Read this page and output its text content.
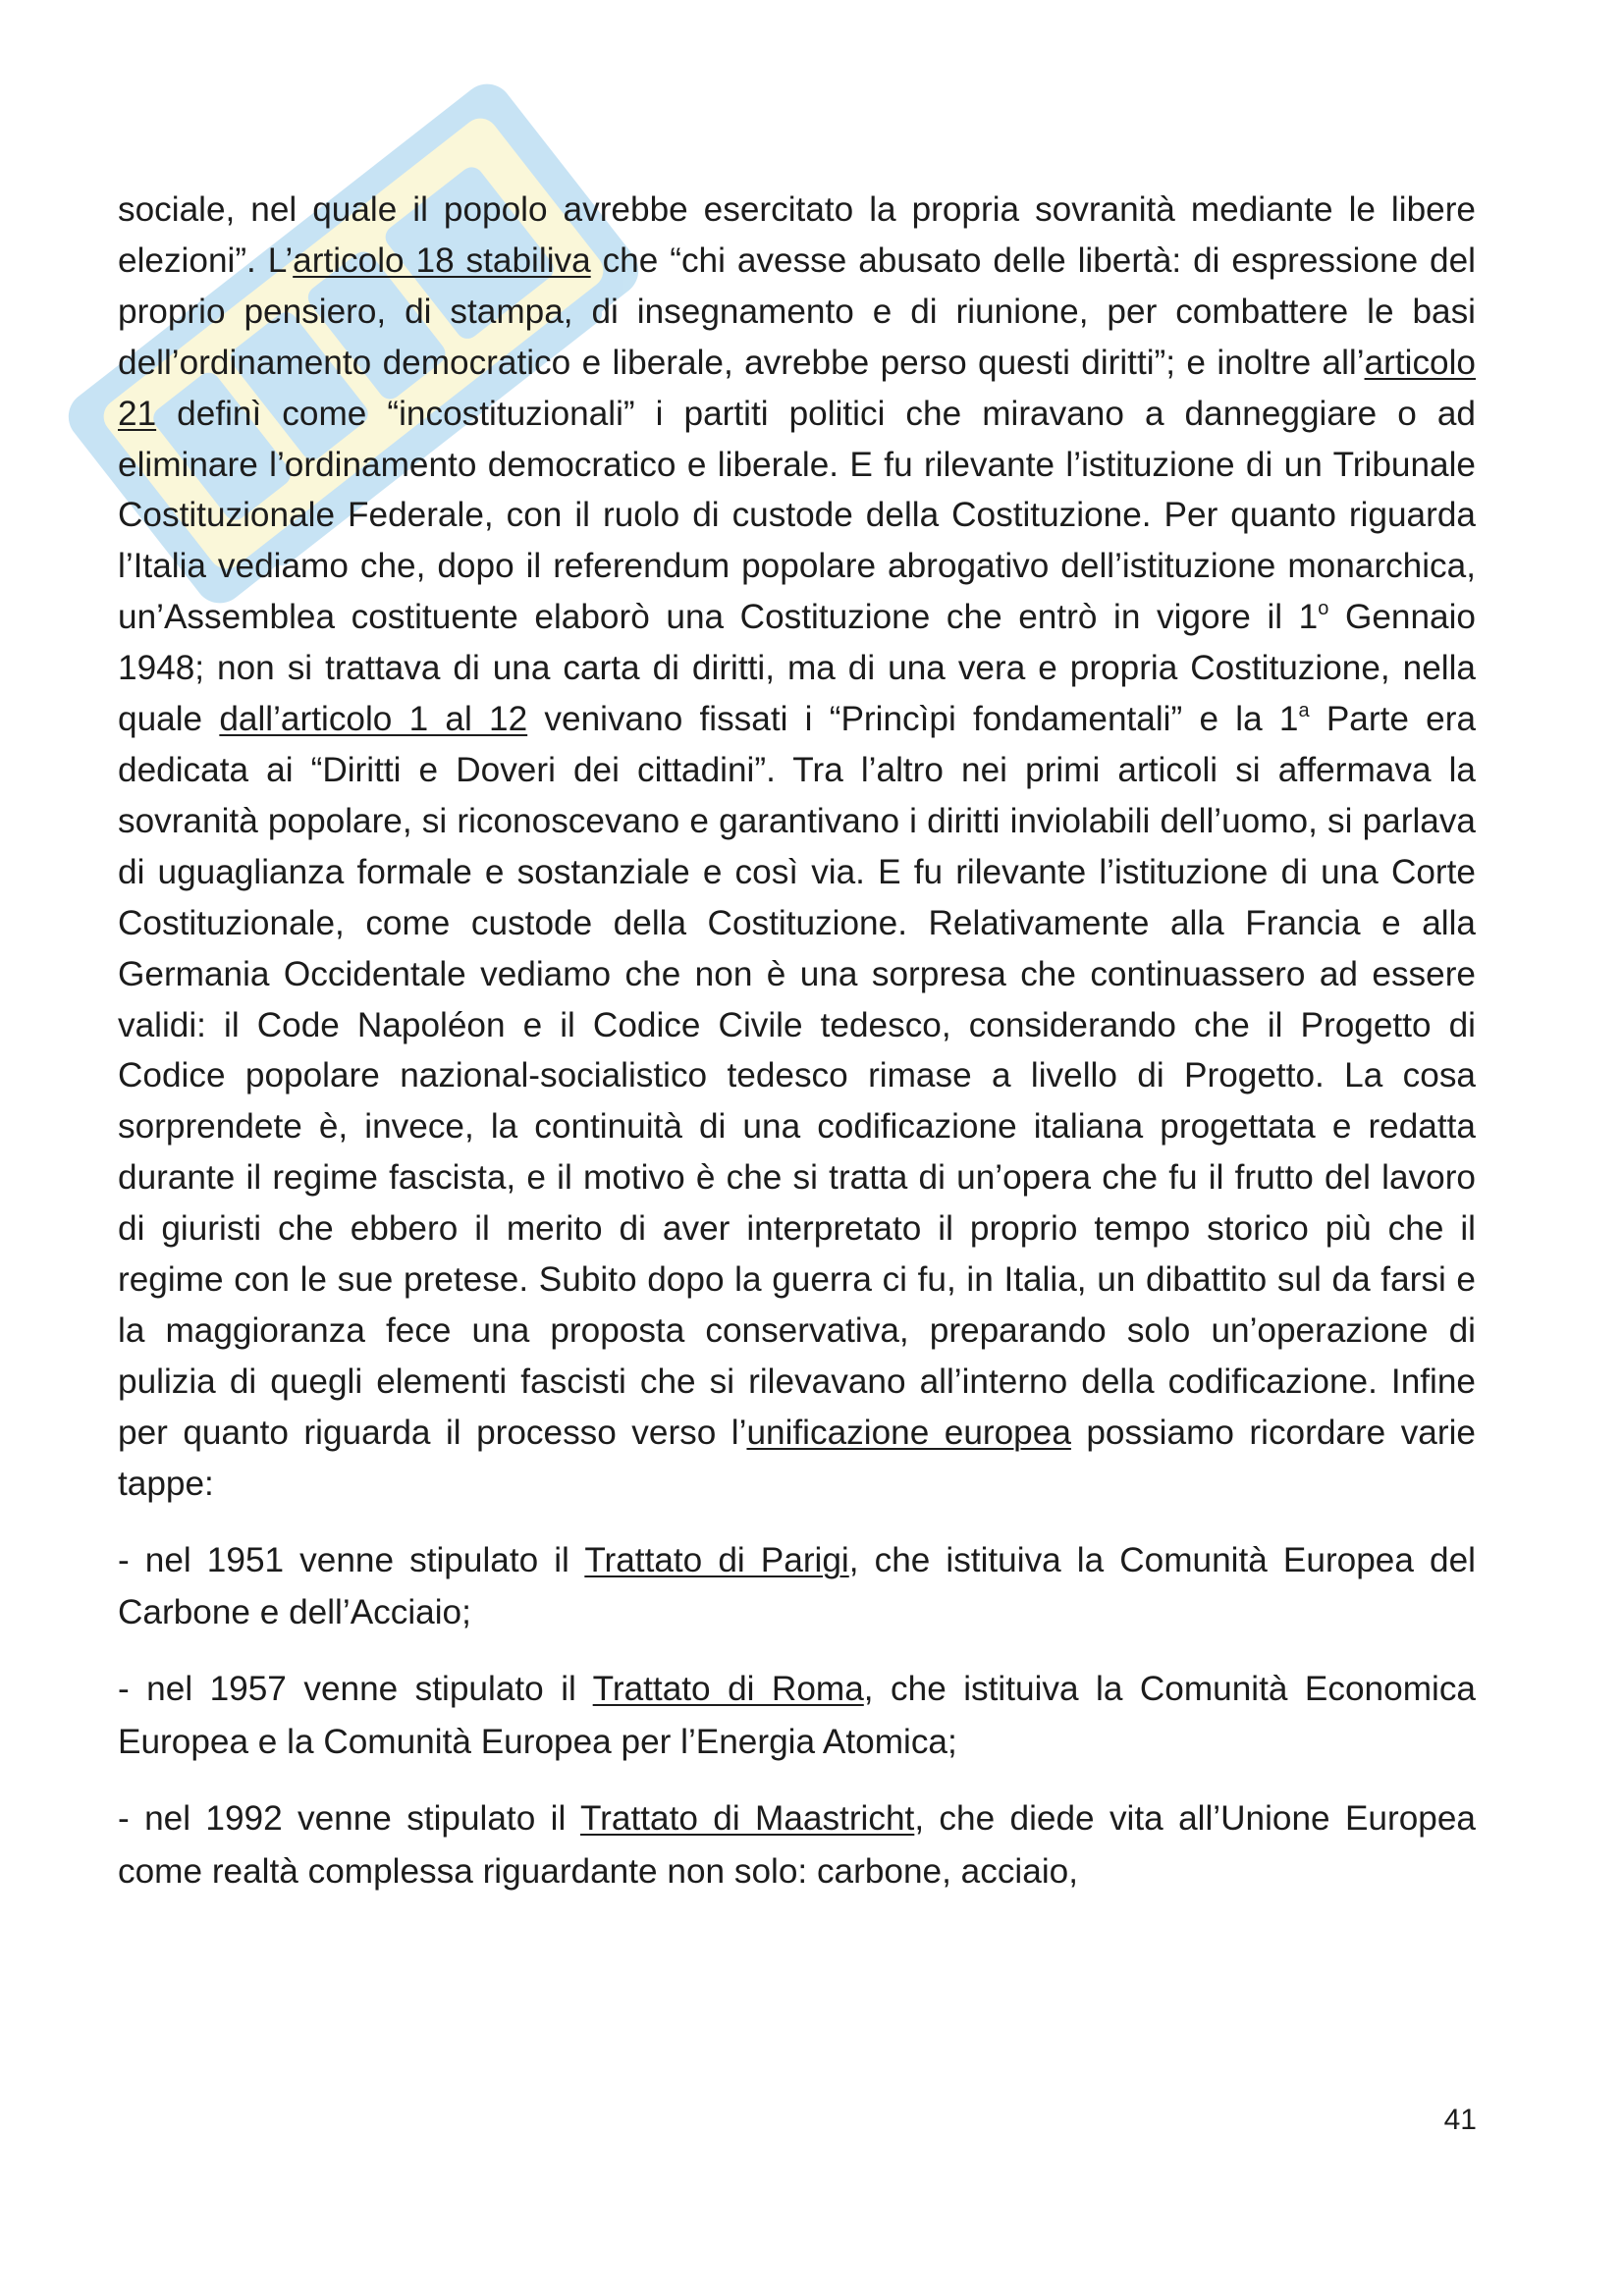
sociale, nel quale il popolo avrebbe esercitato la propria sovranità mediante le libere elezioni”. L’articolo 18 stabiliva che “chi avesse abusato delle libertà: di espressione del proprio pensiero, di stampa, di insegnamento e di riunione, per combattere le basi dell’ordinamento democratico e liberale, avrebbe perso questi diritti”; e inoltre all’articolo 21 definì come “incostituzionali” i partiti politici che miravano a danneggiare o ad eliminare l’ordinamento democratico e liberale. E fu rilevante l’istituzione di un Tribunale Costituzionale Federale, con il ruolo di custode della Costituzione. Per quanto riguarda l’Italia vediamo che, dopo il referendum popolare abrogativo dell’istituzione monarchica, un’Assemblea costituente elaborò una Costituzione che entrò in vigore il 1$^o$ Gennaio 1948; non si trattava di una carta di diritti, ma di una vera e propria Costituzione, nella quale dall’articolo 1 al 12 venivano fissati i “Princìpi fondamentali” e la 1$^a$ Parte era dedicata ai “Diritti e Doveri dei cittadini”. Tra l’altro nei primi articoli si affermava la sovranità popolare, si riconoscevano e garantivano i diritti inviolabili dell’uomo, si parlava di uguaglianza formale e sostanziale e così via. E fu rilevante l’istituzione di una Corte Costituzionale, come custode della Costituzione. Relativamente alla Francia e alla Germania Occidentale vediamo che non è una sorpresa che continuassero ad essere validi: il Code Napoléon e il Codice Civile tedesco, considerando che il Progetto di Codice popolare nazional-socialistico tedesco rimase a livello di Progetto. La cosa sorprendete è, invece, la continuità di una codificazione italiana progettata e redatta durante il regime fascista, e il motivo è che si tratta di un’opera che fu il frutto del lavoro di giuristi che ebbero il merito di aver interpretato il proprio tempo storico più che il regime con le sue pretese. Subito dopo la guerra ci fu, in Italia, un dibattito sul da farsi e la maggioranza fece una proposta conservativa, preparando solo un’operazione di pulizia di quegli elementi fascisti che si rilevavano all’interno della codificazione. Infine per quanto riguarda il processo verso l’unificazione europea possiamo ricordare varie tappe:

- nel 1951 venne stipulato il Trattato di Parigi, che istituiva la Comunità Europea del Carbone e dell’Acciaio;

- nel 1957 venne stipulato il Trattato di Roma, che istituiva la Comunità Economica Europea e la Comunità Europea per l’Energia Atomica;

- nel 1992 venne stipulato il Trattato di Maastricht, che diede vita all’Unione Europea come realtà complessa riguardante non solo: carbone, acciaio,

41
